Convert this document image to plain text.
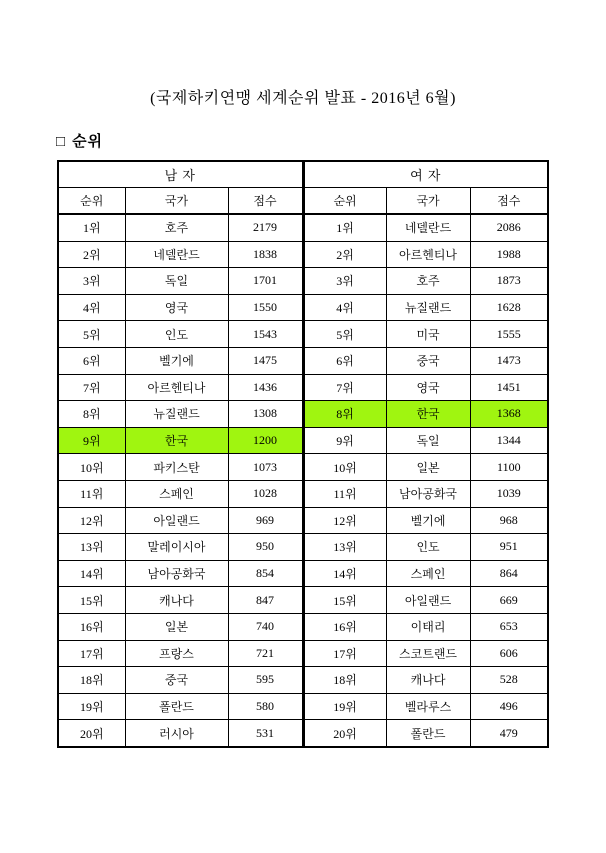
(국제하키연맹 세계순위 발표 - 2016년 6월)
□ 순위
남 자			여 자		
순위	국가	점수	순위	국가	점수
1위	호주	2179	1위	네델란드	2086
2위	네델란드	1838	2위	아르헨티나	1988
3위	독일	1701	3위	호주	1873
4위	영국	1550	4위	뉴질랜드	1628
5위	인도	1543	5위	미국	1555
6위	벨기에	1475	6위	중국	1473
7위	아르헨티나	1436	7위	영국	1451
8위	뉴질랜드	1308	8위	한국	1368
9위	한국	1200	9위	독일	1344
10위	파키스탄	1073	10위	일본	1100
11위	스페인	1028	11위	남아공화국	1039
12위	아일랜드	969	12위	벨기에	968
13위	말레이시아	950	13위	인도	951
14위	남아공화국	854	14위	스페인	864
15위	캐나다	847	15위	아일랜드	669
16위	일본	740	16위	이태리	653
17위	프랑스	721	17위	스코트랜드	606
18위	중국	595	18위	캐나다	528
19위	폴란드	580	19위	벨라루스	496
20위	러시아	531	20위	폴란드	479
